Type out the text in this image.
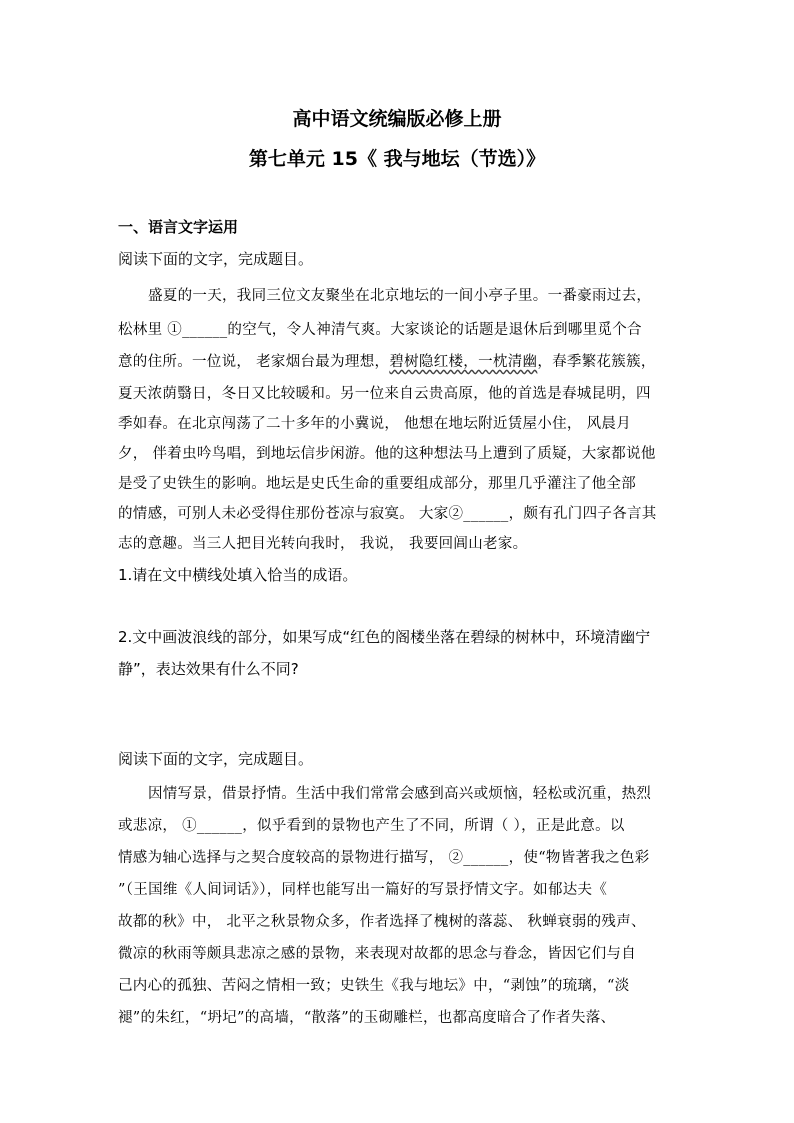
高中语文统编版必修上册
第七单元 15《 我与地坛（节选）》
一、语言文字运用
阅读下面的文字，完成题目。
盛夏的一天，我同三位文友聚坐在北京地坛的一间小亭子里。一番豪雨过去，
松林里 ①______的空气，令人神清气爽。大家谈论的话题是退休后到哪里觅个合
意的住所。一位说， 老家烟台最为理想，碧树隐红楼，一枕清幽，春季繁花簇簇，
夏天浓荫翳日，冬日又比较暖和。另一位来自云贵高原，他的首选是春城昆明，四
季如春。在北京闯荡了二十多年的小冀说， 他想在地坛附近赁屋小住， 风晨月
夕， 伴着虫吟鸟唱，到地坛信步闲游。他的这种想法马上遭到了质疑，大家都说他
是受了史铁生的影响。地坛是史氏生命的重要组成部分，那里几乎灌注了他全部
的情感，可别人未必受得住那份苍凉与寂寞。 大家②______，颇有孔门四子各言其
志的意趣。当三人把目光转向我时， 我说， 我要回阊山老家。
1.请在文中横线处填入恰当的成语。
2.文中画波浪线的部分，如果写成“红色的阁楼坐落在碧绿的树林中，环境清幽宁
静”，表达效果有什么不同?
阅读下面的文字，完成题目。
因情写景，借景抒情。生活中我们常常会感到高兴或烦恼，轻松或沉重，热烈
或悲凉， ①______，似乎看到的景物也产生了不同，所谓（ ），正是此意。以
情感为轴心选择与之契合度较高的景物进行描写， ②______，使“物皆著我之色彩
”（王国维《人间词话》），同样也能写出一篇好的写景抒情文字。如郁达夫《
故都的秋》中， 北平之秋景物众多，作者选择了槐树的落蕊、 秋蝉衰弱的残声、
微凉的秋雨等颇具悲凉之感的景物，来表现对故都的思念与眷念，皆因它们与自
己内心的孤独、苦闷之情相一致；史铁生《我与地坛》中，“剥蚀”的琉璃，“淡
褪”的朱红，“坍圮”的高墙，“散落”的玉砌雕栏，也都高度暗合了作者失落、
